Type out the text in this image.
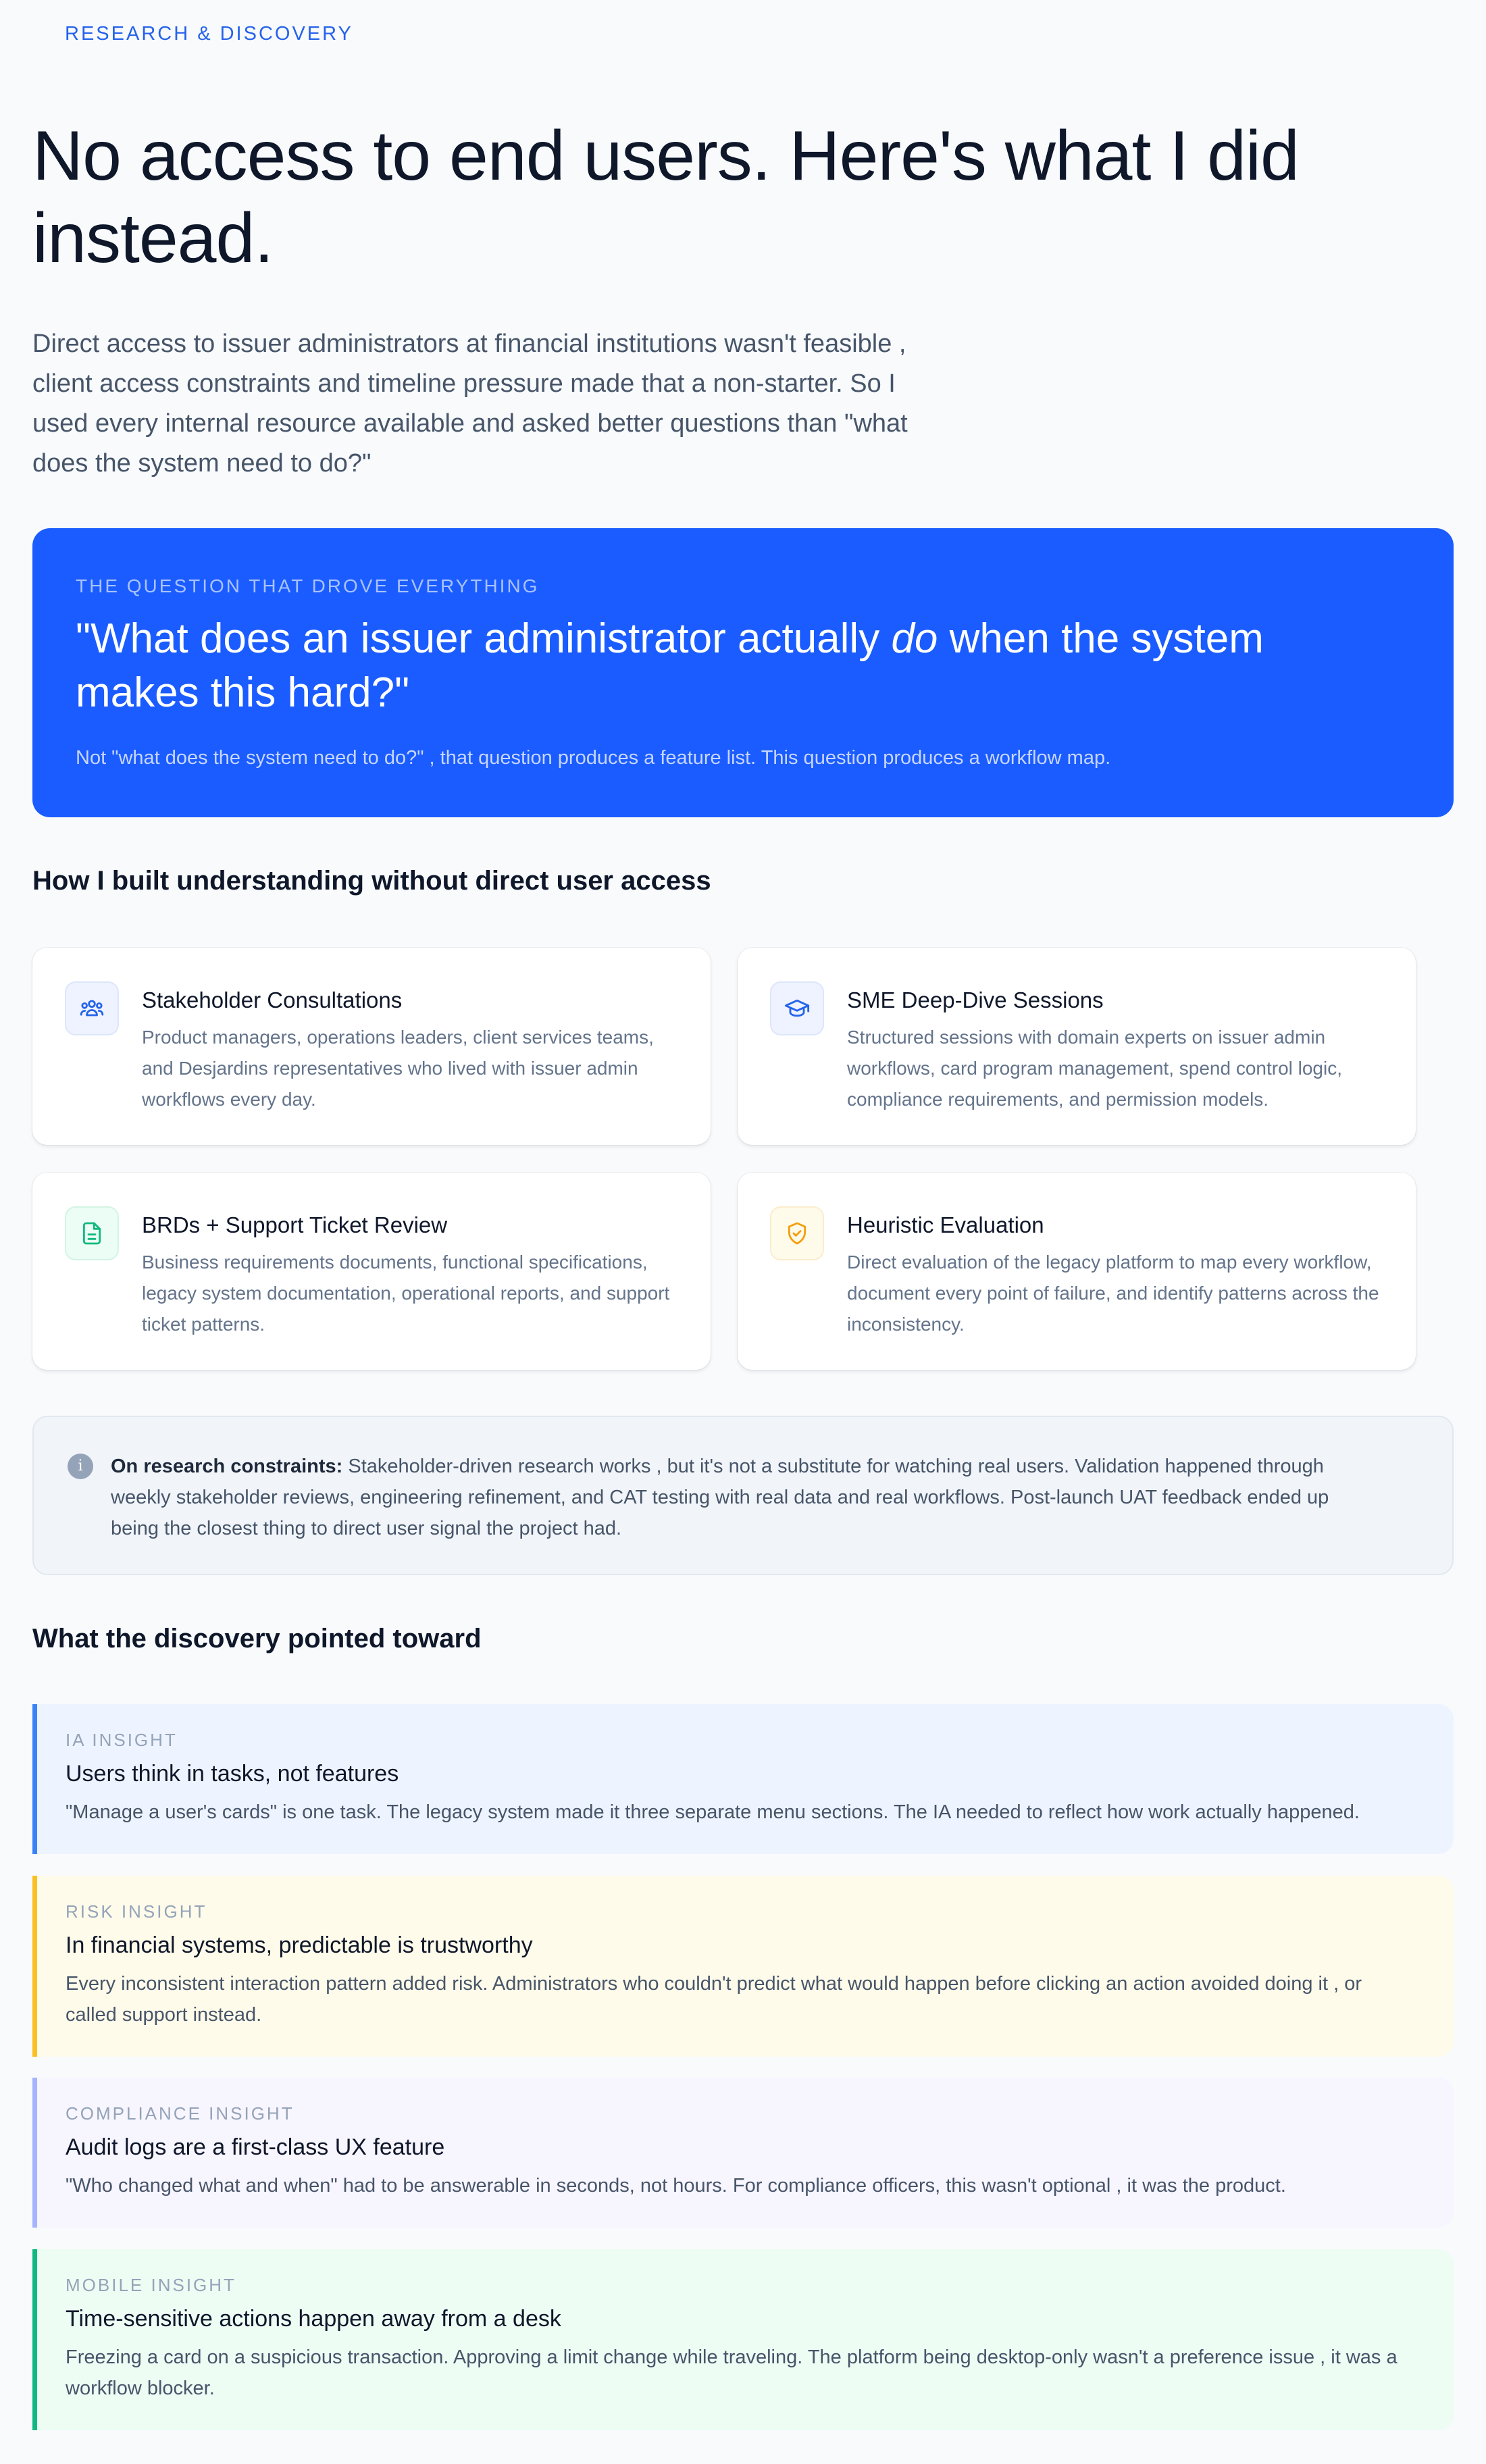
RESEARCH & DISCOVERY
No access to end users. Here's what I did instead.

Direct access to issuer administrators at financial institutions wasn't feasible , client access constraints and timeline pressure made that a non-starter. So I used every internal resource available and asked better questions than "what does the system need to do?"

THE QUESTION THAT DROVE EVERYTHING
"What does an issuer administrator actually do when the system makes this hard?"
Not "what does the system need to do?" , that question produces a feature list. This question produces a workflow map.
How I built understanding without direct user access
Stakeholder Consultations
Product managers, operations leaders, client services teams, and Desjardins representatives who lived with issuer admin workflows every day.
SME Deep-Dive Sessions
Structured sessions with domain experts on issuer admin workflows, card program management, spend control logic, compliance requirements, and permission models.
BRDs + Support Ticket Review
Business requirements documents, functional specifications, legacy system documentation, operational reports, and support ticket patterns.
Heuristic Evaluation
Direct evaluation of the legacy platform to map every workflow, document every point of failure, and identify patterns across the inconsistency.
i	On research constraints: Stakeholder-driven research works , but it's not a substitute for watching real users. Validation happened through weekly stakeholder reviews, engineering refinement, and CAT testing with real data and real workflows. Post-launch UAT feedback ended up being the closest thing to direct user signal the project had.
What the discovery pointed toward
IA INSIGHT
Users think in tasks, not features
"Manage a user's cards" is one task. The legacy system made it three separate menu sections. The IA needed to reflect how work actually happened.
RISK INSIGHT
In financial systems, predictable is trustworthy
Every inconsistent interaction pattern added risk. Administrators who couldn't predict what would happen before clicking an action avoided doing it , or called support instead.
COMPLIANCE INSIGHT
Audit logs are a first-class UX feature
"Who changed what and when" had to be answerable in seconds, not hours. For compliance officers, this wasn't optional , it was the product.
MOBILE INSIGHT
Time-sensitive actions happen away from a desk
Freezing a card on a suspicious transaction. Approving a limit change while traveling. The platform being desktop-only wasn't a preference issue , it was a workflow blocker.
